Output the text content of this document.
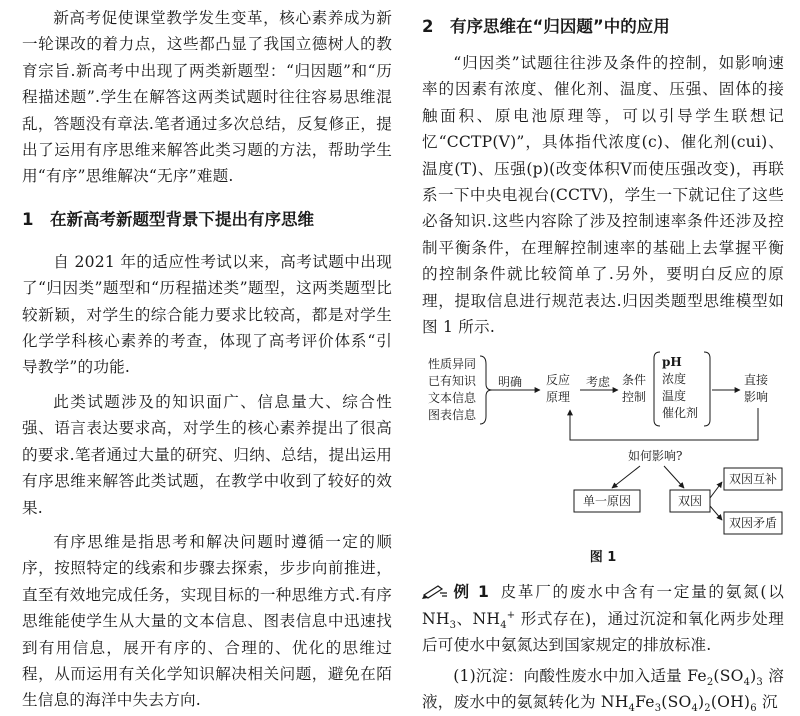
新高考促使课堂教学发生变革，核心素养成为新一轮课改的着力点，这些都凸显了我国立德树人的教育宗旨.新高考中出现了两类新题型：“归因题”和“历程描述题”.学生在解答这两类试题时往往容易思维混乱，答题没有章法.笔者通过多次总结，反复修正，提出了运用有序思维来解答此类习题的方法，帮助学生用“有序”思维解决“无序”难题.

1 在新高考新题型背景下提出有序思维

自 2021 年的适应性考试以来，高考试题中出现了“归因类”题型和“历程描述类”题型，这两类题型比较新颖，对学生的综合能力要求比较高，都是对学生化学学科核心素养的考查，体现了高考评价体系“引导教学”的功能.

此类试题涉及的知识面广、信息量大、综合性强、语言表达要求高，对学生的核心素养提出了很高的要求.笔者通过大量的研究、归纳、总结，提出运用有序思维来解答此类试题，在教学中收到了较好的效果.

有序思维是指思考和解决问题时遵循一定的顺序，按照特定的线索和步骤去探索，步步向前推进，直至有效地完成任务，实现目标的一种思维方式.有序思维能使学生从大量的文本信息、图表信息中迅速找到有用信息，展开有序的、合理的、优化的思维过程，从而运用有关化学知识解决相关问题，避免在陌生信息的海洋中失去方向.

2 有序思维在“归因题”中的应用

“归因类”试题往往涉及条件的控制，如影响速率的因素有浓度、催化剂、温度、压强、固体的接触面积、原电池原理等，可以引导学生联想记忆“CCTP(V)”，具体指代浓度(c)、催化剂(cui)、温度(T)、压强(p)(改变体积V而使压强改变)，再联系一下中央电视台(CCTV)，学生一下就记住了这些必备知识.这些内容除了涉及控制速率条件还涉及控制平衡条件，在理解控制速率的基础上去掌握平衡的控制条件就比较简单了.另外，要明白反应的原理，提取信息进行规范表达.归因类题型思维模型如图 1 所示.

性质异同
已有知识
文本信息
图表信息
明确 反应
原理
考虑 条件
控制
pH
浓度
温度
催化剂
直接
影响
如何影响?
单一原因	双因
双因互补
双因矛盾
图 1

例 1 皮革厂的废水中含有一定量的氨氮(以 $NH_3$、$NH_4^+$ 形式存在)，通过沉淀和氧化两步处理后可使水中氨氮达到国家规定的排放标准.

(1)沉淀：向酸性废水中加入适量 $Fe_2(SO_4)_3$ 溶液，废水中的氨氮转化为 $NH_4Fe_3(SO_4)_2(OH)_6$ 沉
